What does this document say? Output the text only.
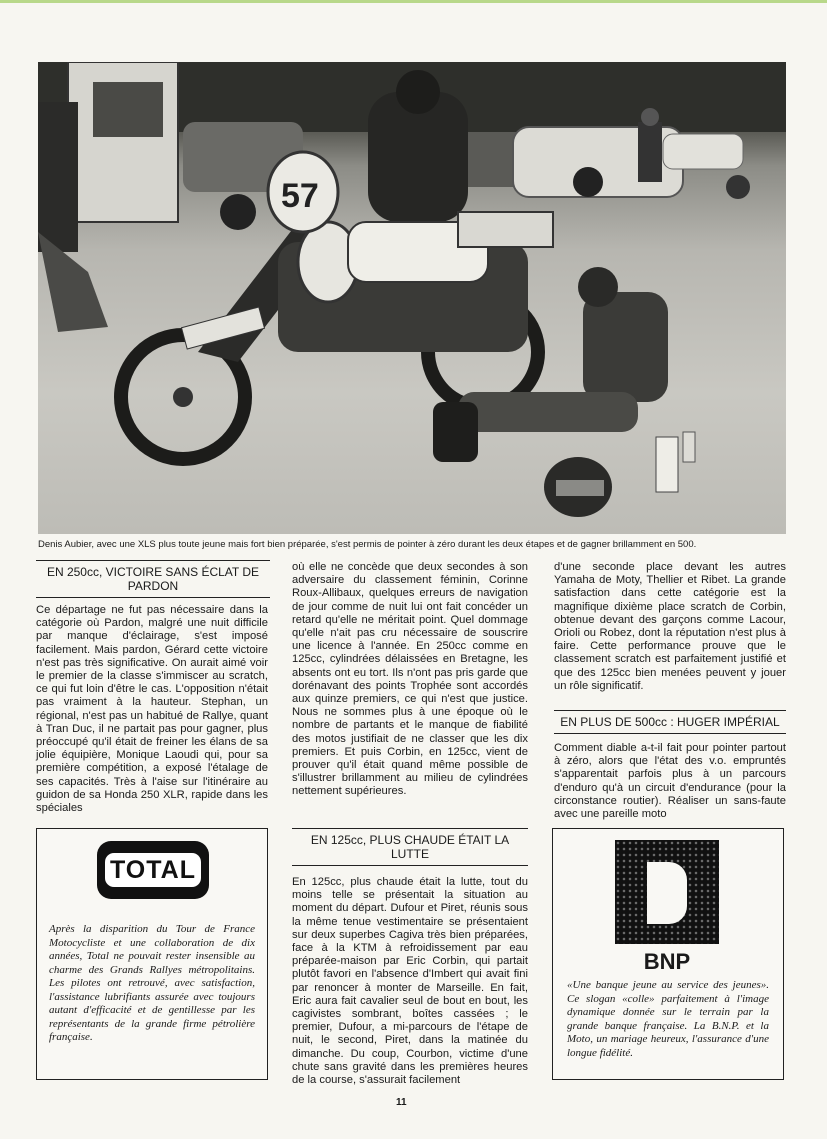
57
Denis Aubier, avec une XLS plus toute jeune mais fort bien préparée, s'est permis de pointer à zéro durant les deux étapes et de gagner brillamment en 500.
EN 250cc, VICTOIRE SANS ÉCLAT DE PARDON

Ce départage ne fut pas nécessaire dans la catégorie où Pardon, malgré une nuit difficile par manque d'éclairage, s'est imposé facilement. Mais pardon, Gérard cette victoire n'est pas très significative. On aurait aimé voir le premier de la classe s'immiscer au scratch, ce qui fut loin d'être le cas. L'opposition n'était pas vraiment à la hauteur. Stephan, un régional, n'est pas un habitué de Rallye, quant à Tran Duc, il ne partait pas pour gagner, plus préoccupé qu'il était de freiner les élans de sa jolie équipière, Monique Laoudi qui, pour sa première compétition, a exposé l'étalage de ses capacités. Très à l'aise sur l'itinéraire au guidon de sa Honda 250 XLR, rapide dans les spéciales

TOTAL
Après la disparition du Tour de France Motocycliste et une collaboration de dix années, Total ne pouvait rester insensible au charme des Grands Rallyes métropolitains. Les pilotes ont retrouvé, avec satisfaction, l'assistance lubrifiants assurée avec toujours autant d'efficacité et de gentillesse par les représentants de la grande firme pétrolière française.

où elle ne concède que deux secondes à son adversaire du classement féminin, Corinne Roux-Allibaux, quelques erreurs de navigation de jour comme de nuit lui ont fait concéder un retard qu'elle ne méritait point. Quel dommage qu'elle n'ait pas cru nécessaire de souscrire une licence à l'année. En 250cc comme en 125cc, cylindrées délaissées en Bretagne, les absents ont eu tort. Ils n'ont pas pris garde que dorénavant des points Trophée sont accordés aux quinze premiers, ce qui n'est que justice. Nous ne sommes plus à une époque où le nombre de partants et le manque de fiabilité des motos justifiait de ne classer que les dix premiers. Et puis Corbin, en 125cc, vient de prouver qu'il était quand même possible de s'illustrer brillamment au milieu de cylindrées nettement supérieures.

EN 125cc, PLUS CHAUDE ÉTAIT LA LUTTE

En 125cc, plus chaude était la lutte, tout du moins telle se présentait la situation au moment du départ. Dufour et Piret, réunis sous la même tenue vestimentaire se présentaient sur deux superbes Cagiva très bien préparées, face à la KTM à refroidissement par eau préparée-maison par Eric Corbin, qui partait plutôt favori en l'absence d'Imbert qui avait fini par renoncer à monter de Marseille. En fait, Eric aura fait cavalier seul de bout en bout, les cagivistes sombrant, boîtes cassées ; le premier, Dufour, a mi-parcours de l'étape de nuit, le second, Piret, dans la matinée du dimanche. Du coup, Courbon, victime d'une chute sans gravité dans les premières heures de la course, s'assurait facilement

d'une seconde place devant les autres Yamaha de Moty, Thellier et Ribet. La grande satisfaction dans cette catégorie est la magnifique dixième place scratch de Corbin, obtenue devant des garçons comme Lacour, Orioli ou Robez, dont la réputation n'est plus à faire. Cette performance prouve que le classement scratch est parfaitement justifié et que des 125cc bien menées peuvent y jouer un rôle significatif.

EN PLUS DE 500cc : HUGER IMPÉRIAL

Comment diable a-t-il fait pour pointer partout à zéro, alors que l'état des v.o. empruntés s'apparentait parfois plus à un parcours d'enduro qu'à un circuit d'endurance (pour la circonstance routier). Réaliser un sans-faute avec une pareille moto

BNP
«Une banque jeune au service des jeunes». Ce slogan «colle» parfaitement à l'image dynamique donnée sur le terrain par la grande banque française. La B.N.P. et la Moto, un mariage heureux, l'assurance d'une longue fidélité.
11
